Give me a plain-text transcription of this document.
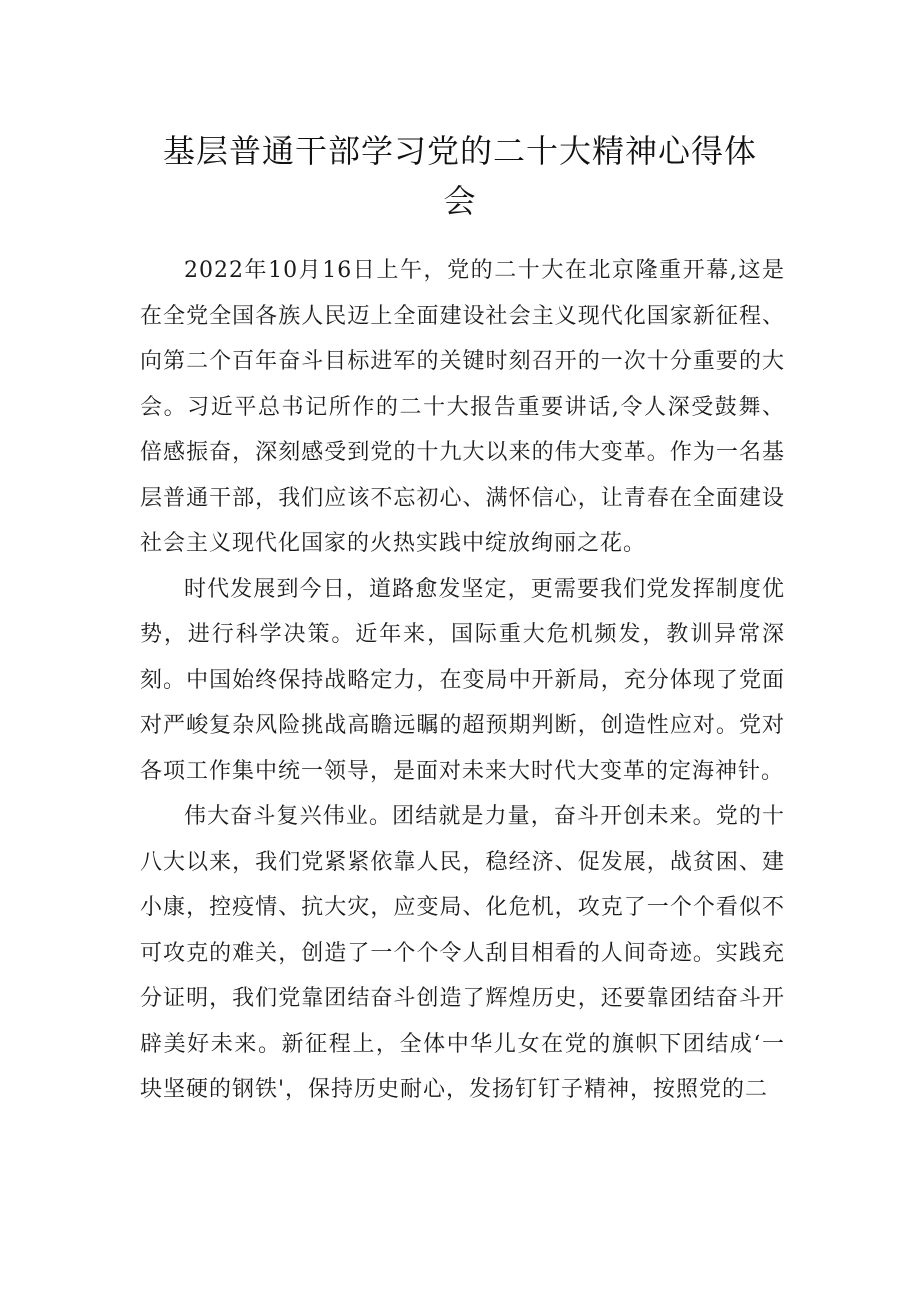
基层普通干部学习党的二十大精神心得体
会

2022年10月16日上午，党的二十大在北京隆重开幕,这是在全党全国各族人民迈上全面建设社会主义现代化国家新征程、向第二个百年奋斗目标进军的关键时刻召开的一次十分重要的大会。习近平总书记所作的二十大报告重要讲话,令人深受鼓舞、倍感振奋，深刻感受到党的十九大以来的伟大变革。作为一名基层普通干部，我们应该不忘初心、满怀信心，让青春在全面建设社会主义现代化国家的火热实践中绽放绚丽之花。

时代发展到今日，道路愈发坚定，更需要我们党发挥制度优势，进行科学决策。近年来，国际重大危机频发，教训异常深刻。中国始终保持战略定力，在变局中开新局，充分体现了党面对严峻复杂风险挑战高瞻远瞩的超预期判断，创造性应对。党对各项工作集中统一领导，是面对未来大时代大变革的定海神针。

伟大奋斗复兴伟业。团结就是力量，奋斗开创未来。党的十八大以来，我们党紧紧依靠人民，稳经济、促发展，战贫困、建小康，控疫情、抗大灾，应变局、化危机，攻克了一个个看似不可攻克的难关，创造了一个个令人刮目相看的人间奇迹。实践充分证明，我们党靠团结奋斗创造了辉煌历史，还要靠团结奋斗开辟美好未来。新征程上，全体中华儿女在党的旗帜下团结成‘一块坚硬的钢铁'，保持历史耐心，发扬钉钉子精神，按照党的二
